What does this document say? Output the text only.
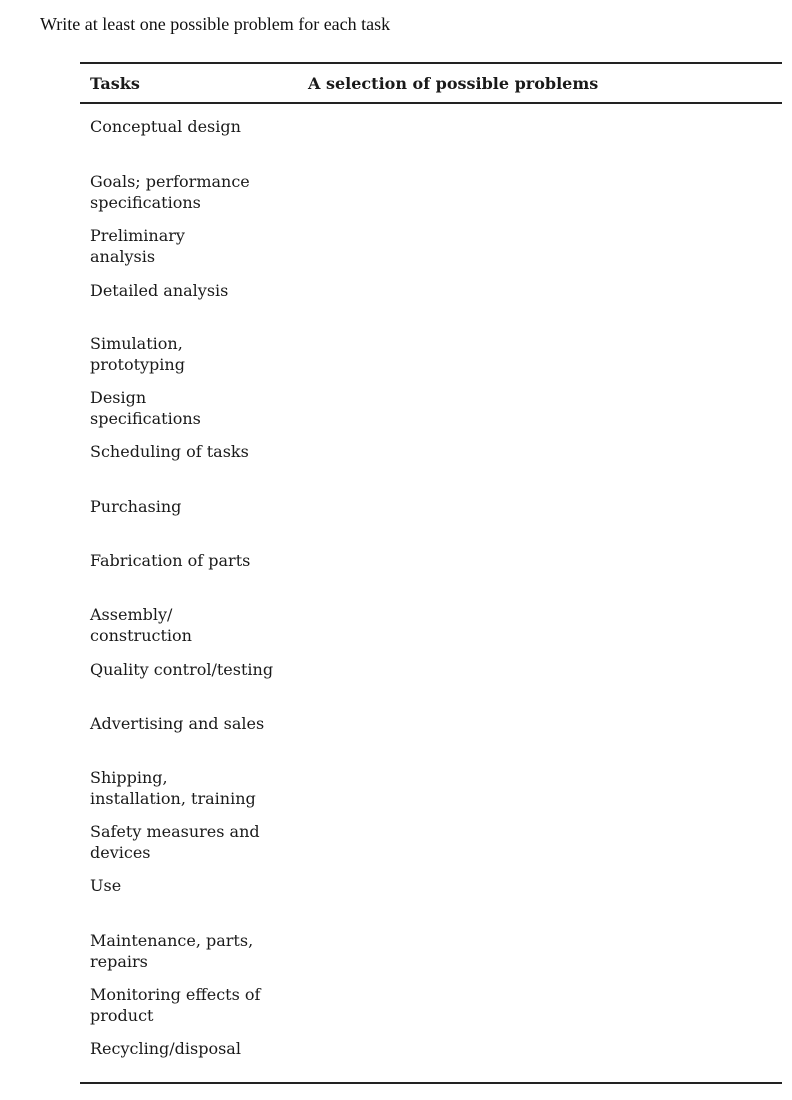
Write at least one possible problem for each task
Tasks	A selection of possible problems
Conceptual design
Goals; performance
specifications
Preliminary
analysis
Detailed analysis
Simulation,
prototyping
Design
specifications
Scheduling of tasks
Purchasing
Fabrication of parts
Assembly/
construction
Quality control/testing
Advertising and sales
Shipping,
installation, training
Safety measures and
devices
Use
Maintenance, parts,
repairs
Monitoring effects of
product
Recycling/disposal
